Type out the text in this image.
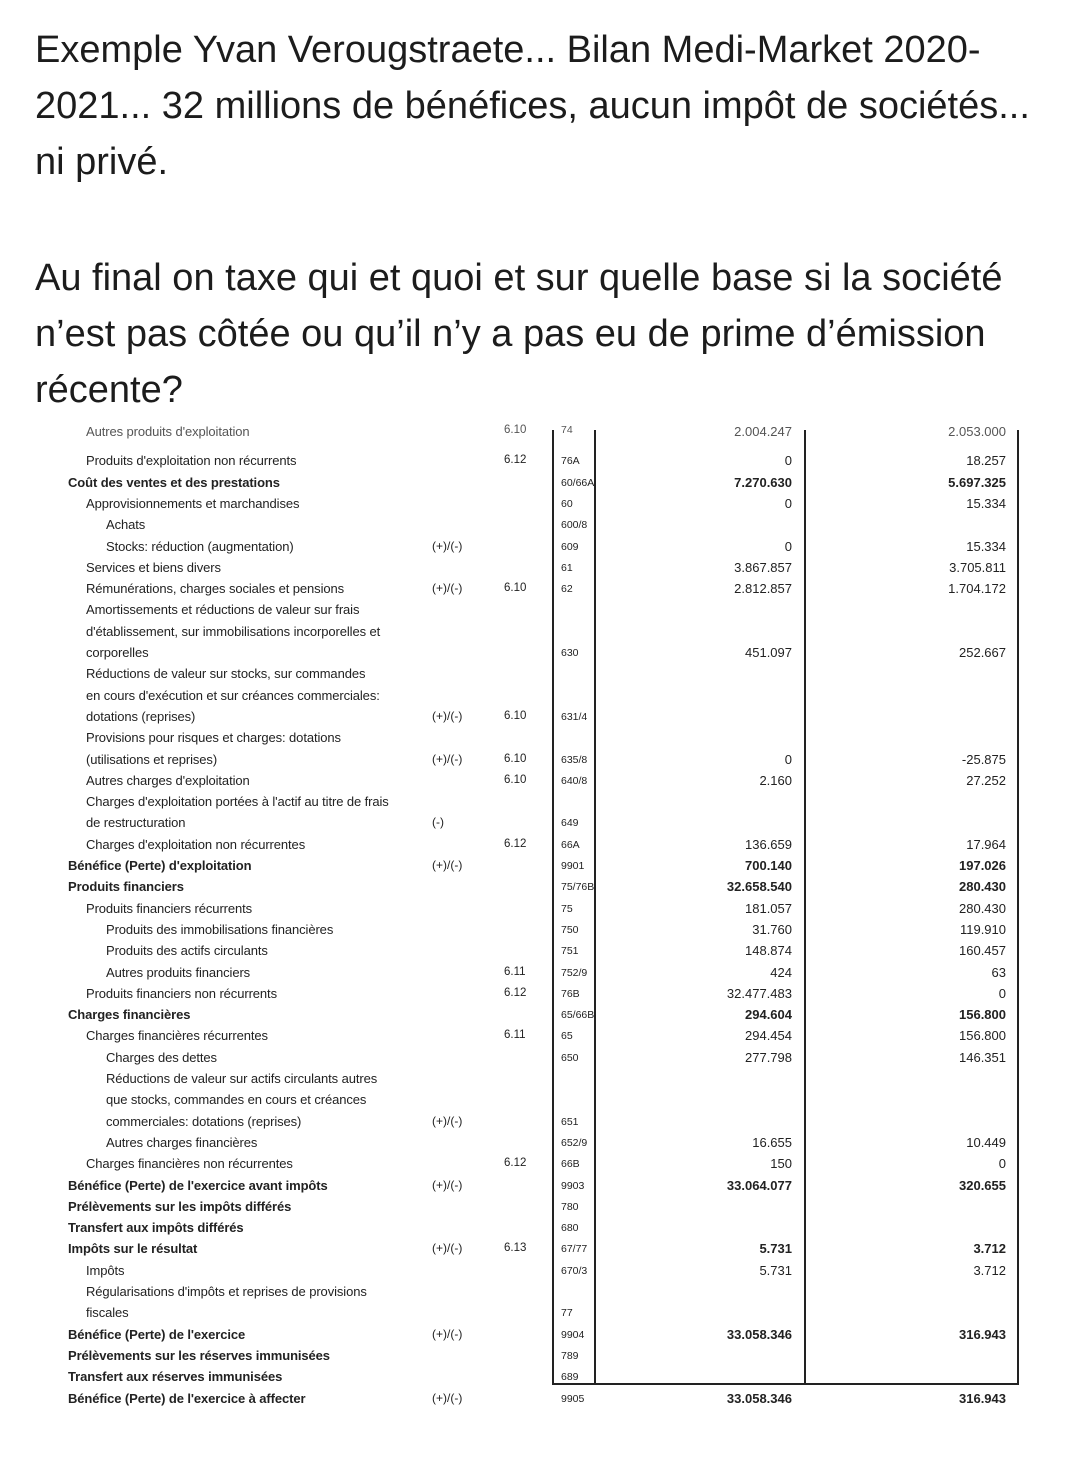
Exemple Yvan Verougstraete... Bilan Medi-Market 2020-2021... 32 millions de bénéfices, aucun impôt de sociétés... ni privé.

Au final on taxe qui et quoi et sur quelle base si la société n’est pas côtée ou qu’il n’y a pas eu de prime d’émission récente?

Autres produits d'exploitation	6.10	74	2.004.247	2.053.000
Produits d'exploitation non récurrents	6.12	76A	0	18.257
Coût des ventes et des prestations	60/66A	7.270.630	5.697.325
Approvisionnements et marchandises	60	0	15.334
Achats	600/8
Stocks: réduction (augmentation)	(+)/(-)	609	0	15.334
Services et biens divers	61	3.867.857	3.705.811
Rémunérations, charges sociales et pensions	(+)/(-)	6.10	62	2.812.857	1.704.172
Amortissements et réductions de valeur sur frais
d'établissement, sur immobilisations incorporelles et
corporelles	630	451.097	252.667
Réductions de valeur sur stocks, sur commandes
en cours d'exécution et sur créances commerciales:
dotations (reprises)	(+)/(-)	6.10	631/4
Provisions pour risques et charges: dotations
(utilisations et reprises)	(+)/(-)	6.10	635/8	0	-25.875
Autres charges d'exploitation	6.10	640/8	2.160	27.252
Charges d'exploitation portées à l'actif au titre de frais
de restructuration	(-)	649
Charges d'exploitation non récurrentes	6.12	66A	136.659	17.964
Bénéfice (Perte) d'exploitation	(+)/(-)	9901	700.140	197.026
Produits financiers	75/76B	32.658.540	280.430
Produits financiers récurrents	75	181.057	280.430
Produits des immobilisations financières	750	31.760	119.910
Produits des actifs circulants	751	148.874	160.457
Autres produits financiers	6.11	752/9	424	63
Produits financiers non récurrents	6.12	76B	32.477.483	0
Charges financières	65/66B	294.604	156.800
Charges financières récurrentes	6.11	65	294.454	156.800
Charges des dettes	650	277.798	146.351
Réductions de valeur sur actifs circulants autres
que stocks, commandes en cours et créances
commerciales: dotations (reprises)	(+)/(-)	651
Autres charges financières	652/9	16.655	10.449
Charges financières non récurrentes	6.12	66B	150	0
Bénéfice (Perte) de l'exercice avant impôts	(+)/(-)	9903	33.064.077	320.655
Prélèvements sur les impôts différés	780
Transfert aux impôts différés	680
Impôts sur le résultat	(+)/(-)	6.13	67/77	5.731	3.712
Impôts	670/3	5.731	3.712
Régularisations d'impôts et reprises de provisions
fiscales	77
Bénéfice (Perte) de l'exercice	(+)/(-)	9904	33.058.346	316.943
Prélèvements sur les réserves immunisées	789
Transfert aux réserves immunisées	689
Bénéfice (Perte) de l'exercice à affecter	(+)/(-)	9905	33.058.346	316.943
